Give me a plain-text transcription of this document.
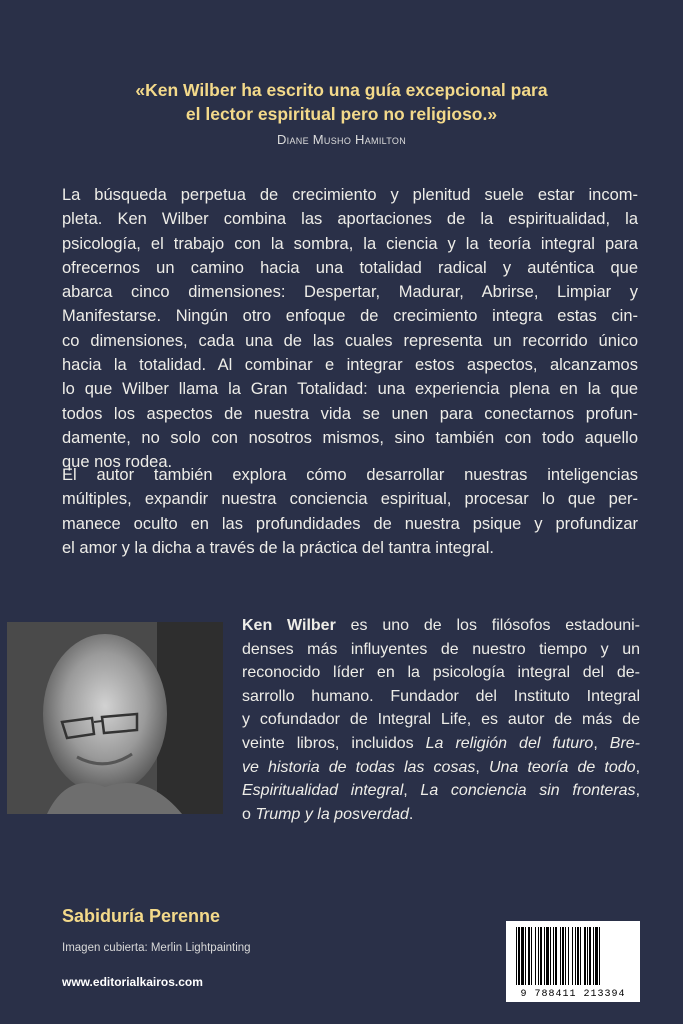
«Ken Wilber ha escrito una guía excepcional para
el lector espiritual pero no religioso.»
Diane Musho Hamilton
La búsqueda perpetua de crecimiento y plenitud suele estar incom-
pleta. Ken Wilber combina las aportaciones de la espiritualidad, la
psicología, el trabajo con la sombra, la ciencia y la teoría integral para
ofrecernos un camino hacia una totalidad radical y auténtica que
abarca cinco dimensiones: Despertar, Madurar, Abrirse, Limpiar y
Manifestarse. Ningún otro enfoque de crecimiento integra estas cin-
co dimensiones, cada una de las cuales representa un recorrido único
hacia la totalidad. Al combinar e integrar estos aspectos, alcanzamos
lo que Wilber llama la Gran Totalidad: una experiencia plena en la que
todos los aspectos de nuestra vida se unen para conectarnos profun-
damente, no solo con nosotros mismos, sino también con todo aquello
que nos rodea.
El autor también explora cómo desarrollar nuestras inteligencias
múltiples, expandir nuestra conciencia espiritual, procesar lo que per-
manece oculto en las profundidades de nuestra psique y profundizar
el amor y la dicha a través de la práctica del tantra integral.
Ken Wilber es uno de los filósofos estadouni-
denses más influyentes de nuestro tiempo y un
reconocido líder en la psicología integral del de-
sarrollo humano. Fundador del Instituto Integral
y cofundador de Integral Life, es autor de más de
veinte libros, incluidos La religión del futuro, Bre-
ve historia de todas las cosas, Una teoría de todo,
Espiritualidad integral, La conciencia sin fronteras,
o Trump y la posverdad.
Sabiduría Perenne
Imagen cubierta: Merlin Lightpainting
www.editorialkairos.com
9 788411 213394
